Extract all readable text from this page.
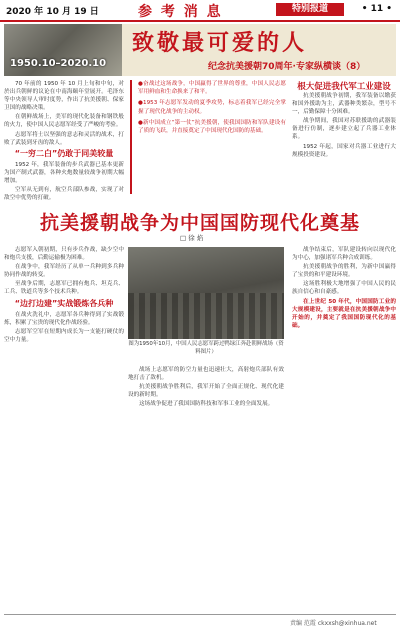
2020 年 10 月 19 日	参 考 消 息	特别报道	• 11 •
1950.10–2020.10
致敬最可爱的人
纪念抗美援朝70周年·专家纵横谈（8）

70 年前的 1950 年 10 月上旬和中旬，对於出兵朝鲜的议论在中南海颐年堂展开。毛泽东等中央领导人审时度势，作出了抗美援朝、保家卫国的战略决策。

在朝鲜战场上，美军的现代化装备和钢铁般的火力，使中国人民志愿军经受了严峻的考验。

志愿军将士以坚强的意志和灵活的战术，打败了武装到牙齿的敌人。

“一穷二白”仍敢于同美较量

1952 年，我军装备的步兵武器已基本更新为国产制式武器，各种火炮数量较战争初期大幅增加。

空军从无到有，航空兵部队参战，实现了对敌空中优势的打破。

●奋战过这场战争，中国赢得了世界的尊重，中国人民志愿军用鲜血和生命换来了和平。
●1953 年志愿军发动的夏季攻势，标志着我军已经完全掌握了现代化战争的主动权。
●新中国成立“第一仗”抗美援朝，使我国国防和军队建设有了质的飞跃，并直接奠定了中国现代化国防的基础。
根大促进我代军工业建设

抗美援朝战争初期，我军装备以缴获和国外援助为主，武器种类繁杂，型号不一，后勤保障十分困难。

战争期间，我国对苏联援助的武器装备进行仿制，逐步建立起了兵器工业体系。

1952 年起，国家对兵器工业进行大规模投资建设。

抗美援朝战争为中国国防现代化奠基
□ 徐 焰

志愿军入朝初期，只有步兵作战，缺少空中和炮兵支援，后勤运输极为困难。

在战争中，我军经历了从单一兵种到多兵种协同作战的转变。

至战争后期，志愿军已拥有炮兵、坦克兵、工兵、铁道兵等多个技术兵种。

“边打边建”实战锻炼各兵种

在战火洗礼中，志愿军各兵种得到了实战锻炼，积累了宝贵的现代化作战经验。

志愿军空军在短期内成长为一支能打硬仗的空中力量。

图为1950年10月，中国人民志愿军跨过鸭绿江奔赴朝鲜战场（资料图片）

战场上志愿军的防空力量也迅速壮大，高射炮兵部队有效地打击了敌机。

抗美援朝战争胜利后，我军开始了全面正规化、现代化建设的新时期。

这场战争促进了我国国防科技和军事工业的全面发展。

战争结束后，军队建设转向以现代化为中心，加强诸军兵种合成训练。

抗美援朝战争的胜利，为新中国赢得了宝贵的和平建设环境。

这场胜利极大地增强了中国人民的民族自信心和自豪感。

在上世纪 50 年代，中国国防工业的大规模建设，主要就是在抗美援朝战争中开始的，并奠定了我国国防现代化的基础。

责编 范霞 ckxxsh@xinhua.net
